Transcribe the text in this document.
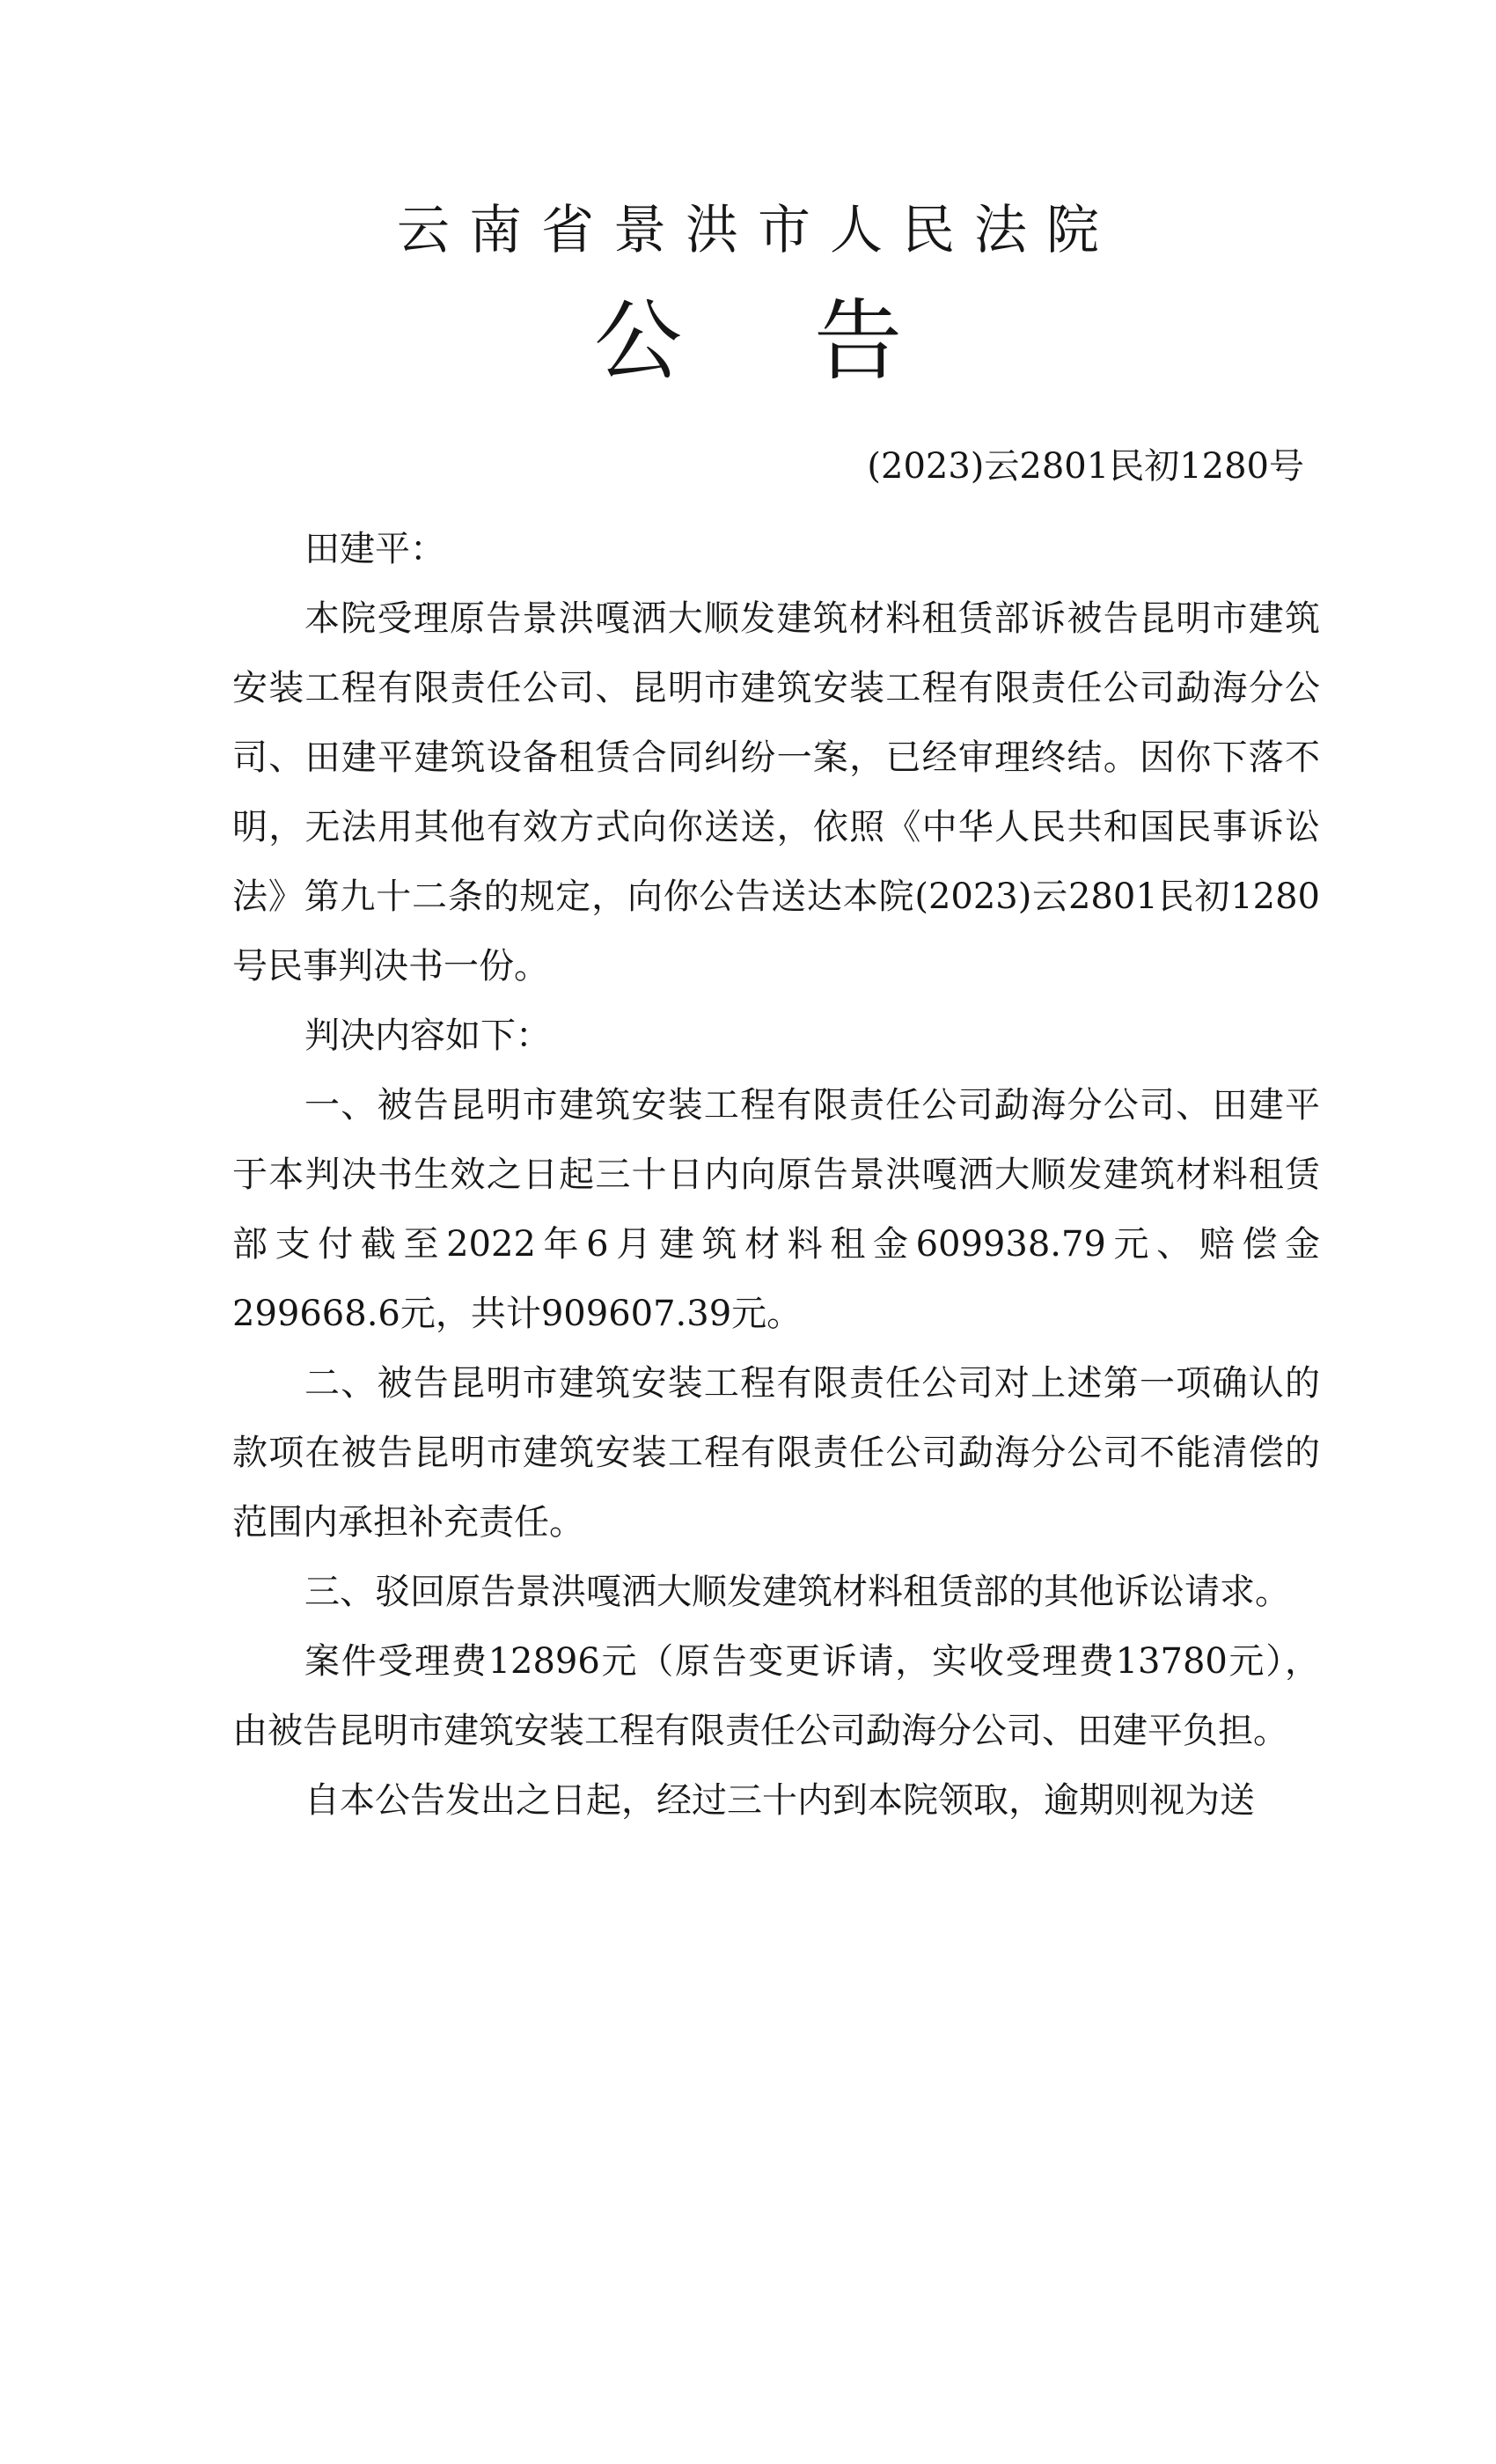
云南省景洪市人民法院
公告
(2023)云2801民初1280号

田建平：

本院受理原告景洪嘎洒大顺发建筑材料租赁部诉被告昆明市建筑安装工程有限责任公司、昆明市建筑安装工程有限责任公司勐海分公司、田建平建筑设备租赁合同纠纷一案，已经审理终结。因你下落不明，无法用其他有效方式向你送送，依照《中华人民共和国民事诉讼法》第九十二条的规定，向你公告送达本院(2023)云2801民初1280号民事判决书一份。

判决内容如下：

一、被告昆明市建筑安装工程有限责任公司勐海分公司、田建平于本判决书生效之日起三十日内向原告景洪嘎洒大顺发建筑材料租赁部支付截至2022年6月建筑材料租金609938.79元、赔偿金299668.6元，共计909607.39元。

二、被告昆明市建筑安装工程有限责任公司对上述第一项确认的款项在被告昆明市建筑安装工程有限责任公司勐海分公司不能清偿的范围内承担补充责任。

三、驳回原告景洪嘎洒大顺发建筑材料租赁部的其他诉讼请求。

案件受理费12896元（原告变更诉请，实收受理费13780元），由被告昆明市建筑安装工程有限责任公司勐海分公司、田建平负担。

自本公告发出之日起，经过三十内到本院领取，逾期则视为送
